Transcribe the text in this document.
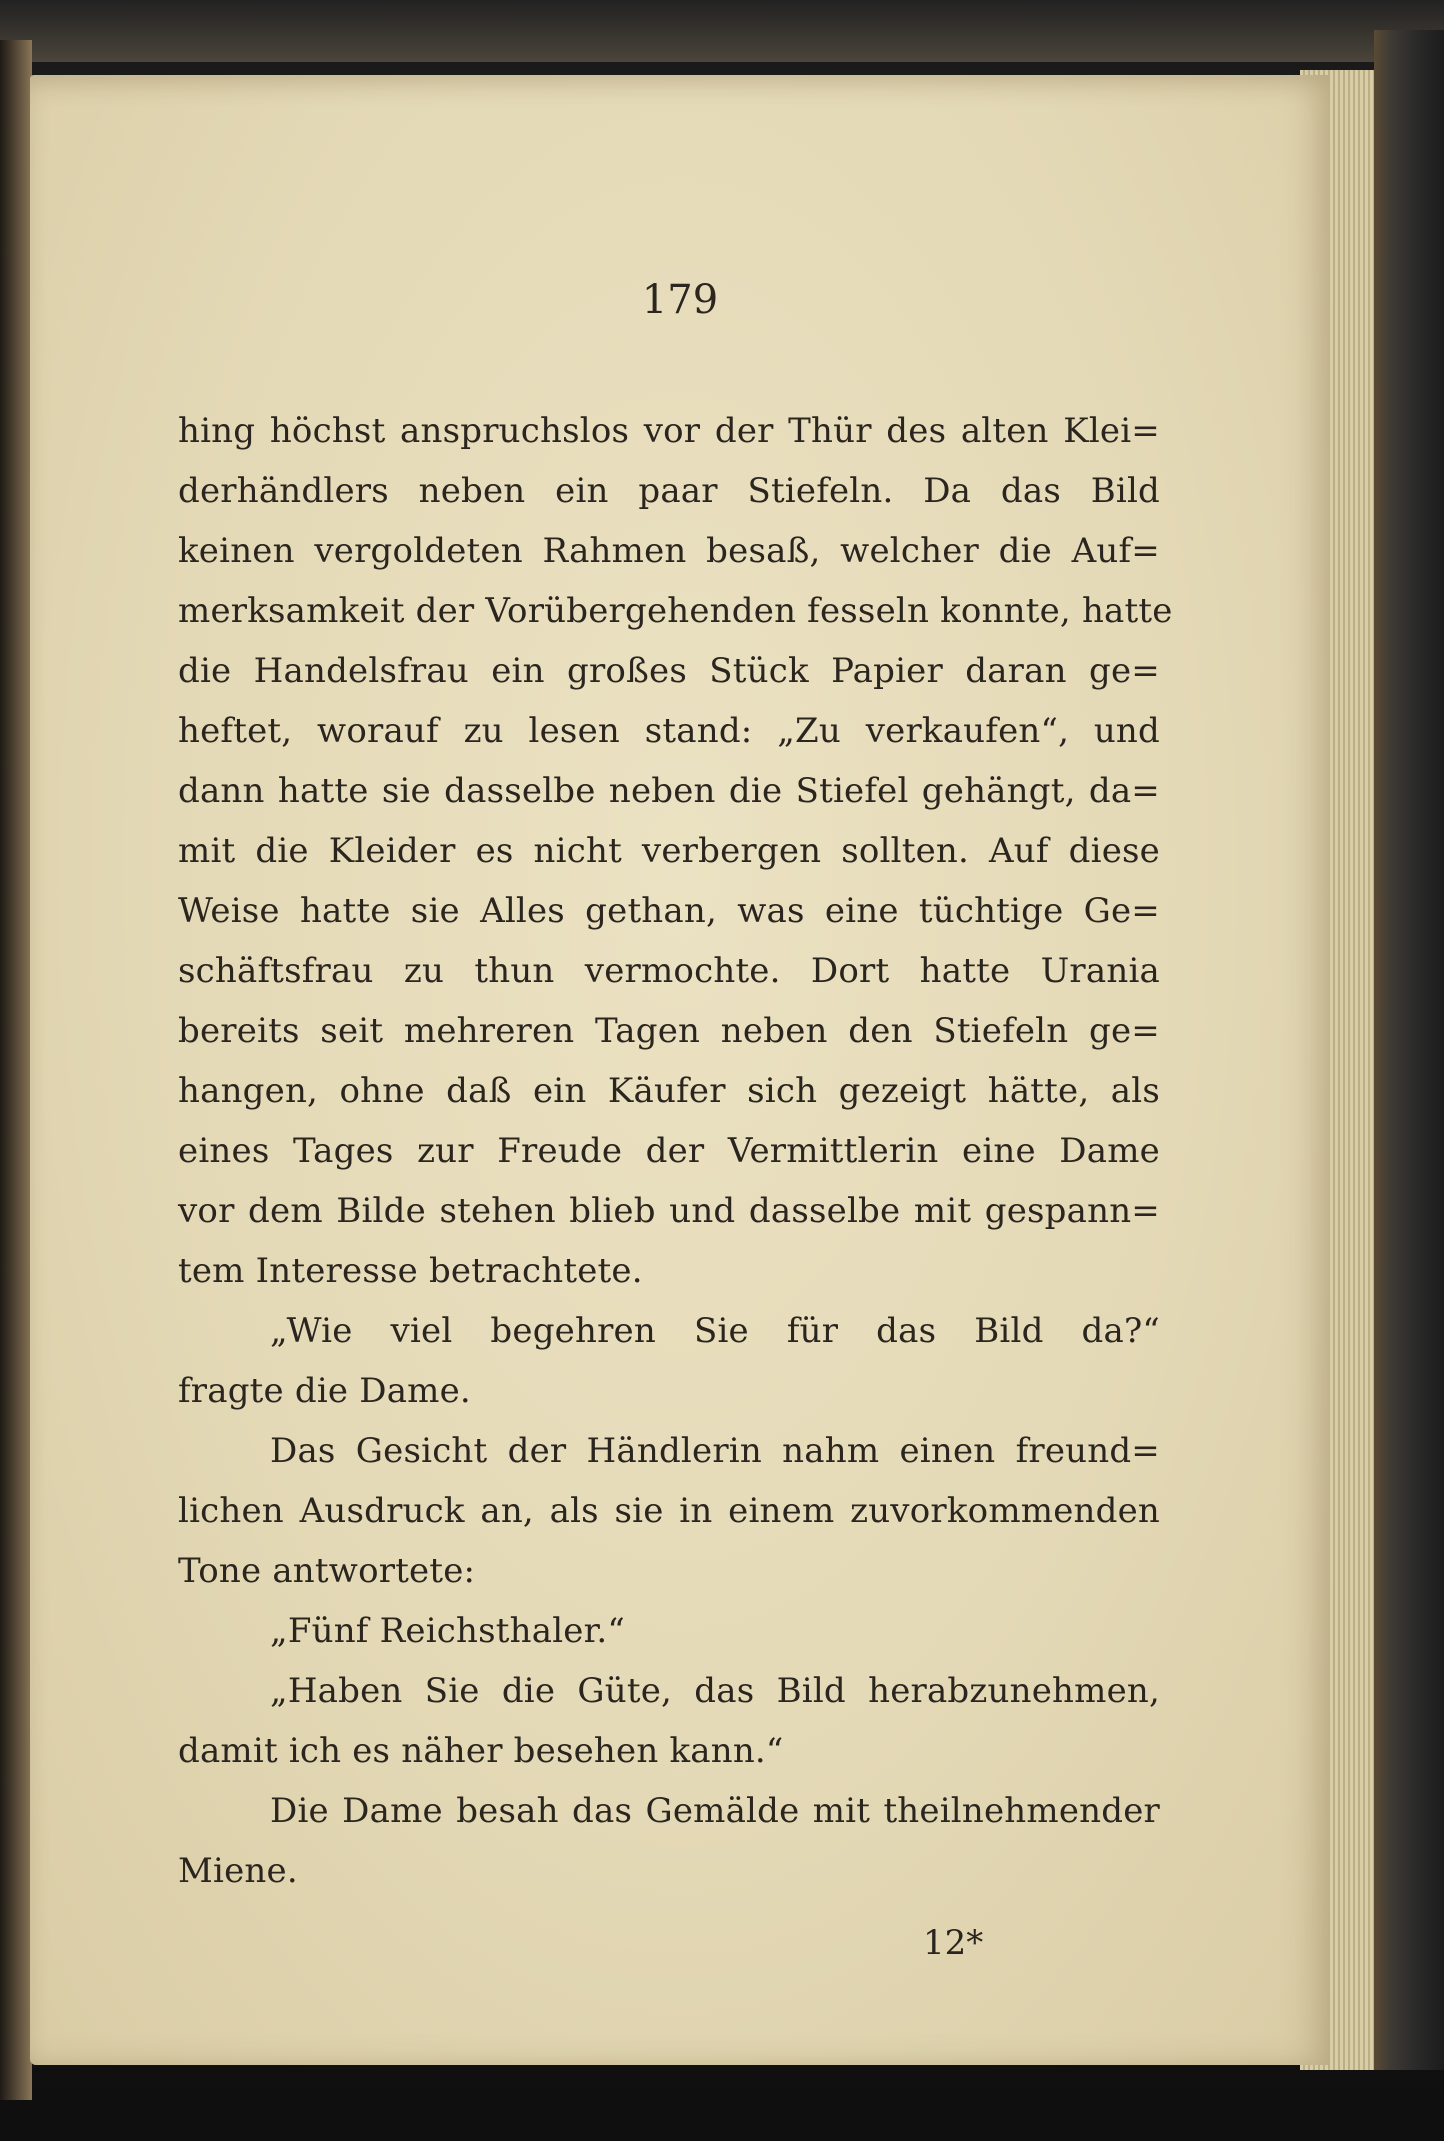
179
hing höchst anspruchslos vor der Thür des alten Klei=
derhändlers neben ein paar Stiefeln. Da das Bild
keinen vergoldeten Rahmen besaß, welcher die Auf=
merksamkeit der Vorübergehenden fesseln konnte, hatte
die Handelsfrau ein großes Stück Papier daran ge=
heftet, worauf zu lesen stand: „Zu verkaufen“, und
dann hatte sie dasselbe neben die Stiefel gehängt, da=
mit die Kleider es nicht verbergen sollten. Auf diese
Weise hatte sie Alles gethan, was eine tüchtige Ge=
schäftsfrau zu thun vermochte. Dort hatte Urania
bereits seit mehreren Tagen neben den Stiefeln ge=
hangen, ohne daß ein Käufer sich gezeigt hätte, als
eines Tages zur Freude der Vermittlerin eine Dame
vor dem Bilde stehen blieb und dasselbe mit gespann=
tem Interesse betrachtete.
„Wie viel begehren Sie für das Bild da?“
fragte die Dame.
Das Gesicht der Händlerin nahm einen freund=
lichen Ausdruck an, als sie in einem zuvorkommenden
Tone antwortete:
„Fünf Reichsthaler.“
„Haben Sie die Güte, das Bild herabzunehmen,
damit ich es näher besehen kann.“
Die Dame besah das Gemälde mit theilnehmender
Miene.
12*
